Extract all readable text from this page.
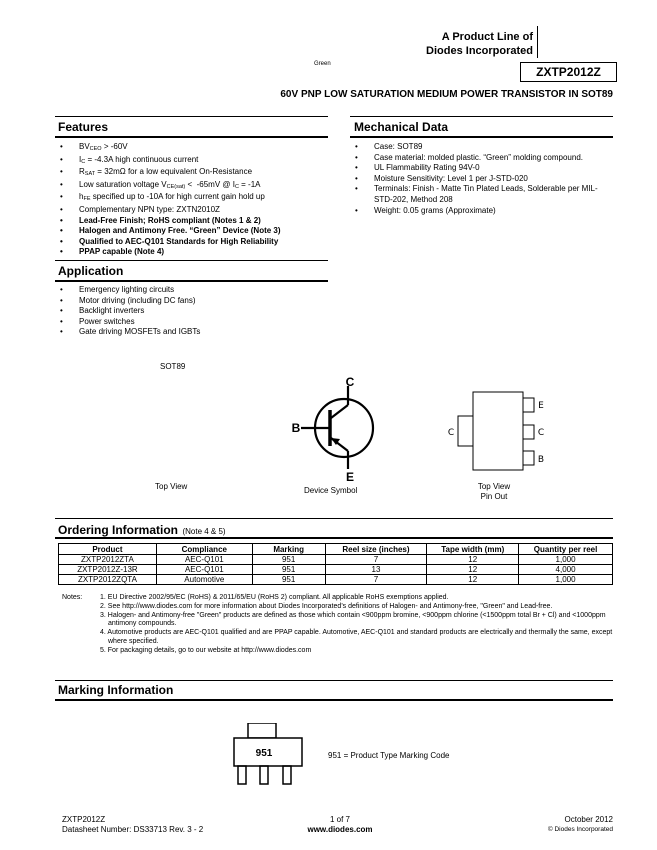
A Product Line of
Diodes Incorporated
Green
ZXTP2012Z
60V PNP LOW SATURATION MEDIUM POWER TRANSISTOR IN SOT89
Features
• $BV_{CEO} > -60V$
• $I_C = -4.3A$ high continuous current
• $R_{SAT} = 32m\Omega$ for a low equivalent On-Resistance
• Low saturation voltage $V_{CE(sat)} < -65mV$ @ $I_C = -1A$
• $h_{FE}$ specified up to -10A for high current gain hold up
• Complementary NPN type: ZXTN2010Z
• Lead-Free Finish; RoHS compliant (Notes 1 & 2)
• Halogen and Antimony Free. “Green” Device (Note 3)
• Qualified to AEC-Q101 Standards for High Reliability
• PPAP capable (Note 4)
Mechanical Data
• Case: SOT89
• Case material: molded plastic. “Green” molding compound.
• UL Flammability Rating 94V-0
• Moisture Sensitivity: Level 1 per J-STD-020
• Terminals: Finish - Matte Tin Plated Leads, Solderable per MIL-STD-202, Method 208
• Weight: 0.05 grams (Approximate)
Application
• Emergency lighting circuits
• Motor driving (including DC fans)
• Backlight inverters
• Power switches
• Gate driving MOSFETs and IGBTs
SOT89
Top View
C
B
E
Device Symbol
C
E
C
B
Top View
Pin Out
Ordering Information (Note 4 & 5)
Product	Compliance	Marking	Reel size (inches)	Tape width (mm)	Quantity per reel
ZXTP2012ZTA	AEC-Q101	951	7	12	1,000
ZXTP2012Z-13R	AEC-Q101	951	13	12	4,000
ZXTP2012ZQTA	Automotive	951	7	12	1,000
Notes:	1. EU Directive 2002/95/EC (RoHS) & 2011/65/EU (RoHS 2) compliant. All applicable RoHS exemptions applied.
2. See http://www.diodes.com for more information about Diodes Incorporated’s definitions of Halogen- and Antimony-free, "Green" and Lead-free.
3. Halogen- and Antimony-free "Green" products are defined as those which contain <900ppm bromine, <900ppm chlorine (<1500ppm total Br + Cl) and <1000ppm antimony compounds.
4. Automotive products are AEC-Q101 qualified and are PPAP capable. Automotive, AEC-Q101 and standard products are electrically and thermally the same, except where specified.
5. For packaging details, go to our website at http://www.diodes.com
Marking Information
951	951 = Product Type Marking Code
ZXTP2012Z
Datasheet Number: DS33713 Rev. 3 - 2
1 of 7
www.diodes.com
October 2012
© Diodes Incorporated
